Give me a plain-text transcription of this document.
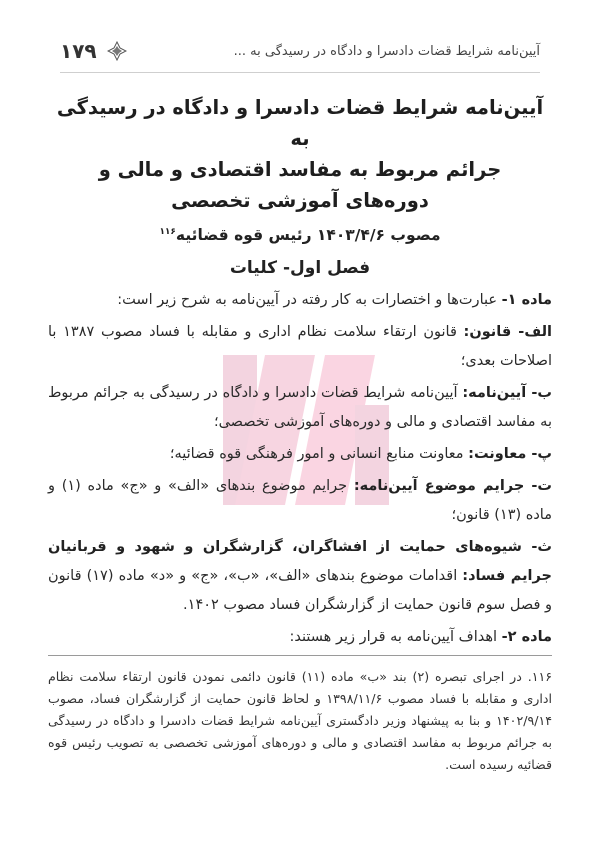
آیین‌نامه شرایط قضات دادسرا و دادگاه در رسیدگی به ...
۱۷۹
آیین‌نامه شرایط قضات دادسرا و دادگاه در رسیدگی به
جرائم مربوط به مفاسد اقتصادی و مالی و
دوره‌های آموزشی تخصصی
مصوب ۱۴۰۳/۴/۶ رئیس قوه قضائیه$^{۱۱۶}$
فصل اول- کلیات

ماده ۱- عبارت‌ها و اختصارات به کار رفته در آیین‌نامه به شرح زیر است:

الف- قانون: قانون ارتقاء سلامت نظام اداری و مقابله با فساد مصوب ۱۳۸۷ با اصلاحات بعدی؛

ب- آیین‌نامه: آیین‌نامه شرایط قضات دادسرا و دادگاه در رسیدگی به جرائم مربوط به مفاسد اقتصادی و مالی و دوره‌های آموزشی تخصصی؛

پ- معاونت: معاونت منابع انسانی و امور فرهنگی قوه قضائیه؛

ت- جرایم موضوع آیین‌نامه: جرایم موضوع بندهای «الف» و «ج» ماده (۱) و ماده (۱۳) قانون؛

ث- شیوه‌های حمایت از افشاگران، گزارشگران و شهود و قربانیان جرایم فساد: اقدامات موضوع بندهای «الف»، «ب»، «ج» و «د» ماده (۱۷) قانون و فصل سوم قانون حمایت از گزارشگران فساد مصوب ۱۴۰۲.

ماده ۲- اهداف آیین‌نامه به قرار زیر هستند:

۱۱۶. در اجرای تبصره (۲) بند «ب» ماده (۱۱) قانون دائمی نمودن قانون ارتقاء سلامت نظام اداری و مقابله با فساد مصوب ۱۳۹۸/۱۱/۶ و لحاظ قانون حمایت از گزارشگران فساد، مصوب ۱۴۰۲/۹/۱۴ و بنا به پیشنهاد وزیر دادگستری آیین‌نامه شرایط قضات دادسرا و دادگاه در رسیدگی به جرائم مربوط به مفاسد اقتصادی و مالی و دوره‌های آموزشی تخصصی به تصویب رئیس قوه قضائیه رسیده است.
